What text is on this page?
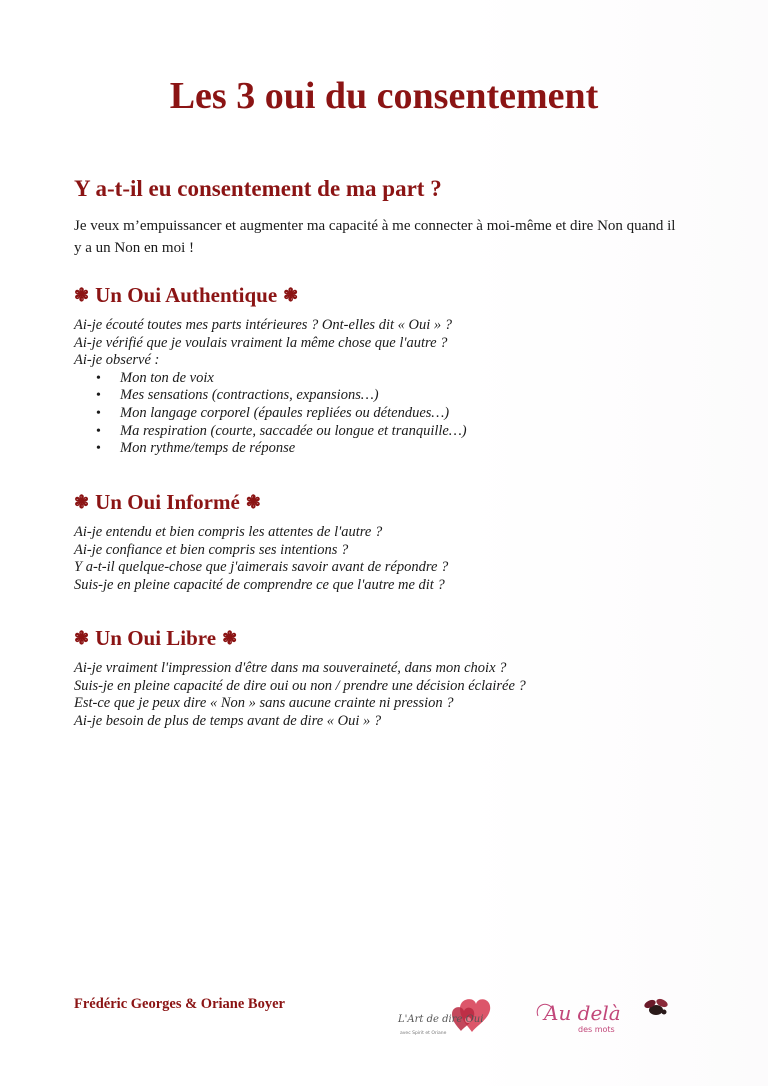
Les 3 oui du consentement
Y a-t-il eu consentement de ma part ?

Je veux m’empuissancer et augmenter ma capacité à me connecter à moi-même et dire Non quand il
y a un Non en moi !

❃ Un Oui Authentique ❃
Ai-je écouté toutes mes parts intérieures ? Ont-elles dit « Oui » ?
Ai-je vérifié que je voulais vraiment la même chose que l'autre ?
Ai-je observé :
• Mon ton de voix
• Mes sensations (contractions, expansions…)
• Mon langage corporel (épaules repliées ou détendues…)
• Ma respiration (courte, saccadée ou longue et tranquille…)
• Mon rythme/temps de réponse
❃ Un Oui Informé ❃
Ai-je entendu et bien compris les attentes de l'autre ?
Ai-je confiance et bien compris ses intentions ?
Y a-t-il quelque-chose que j'aimerais savoir avant de répondre ?
Suis-je en pleine capacité de comprendre ce que l'autre me dit ?
❃ Un Oui Libre ❃
Ai-je vraiment l'impression d'être dans ma souveraineté, dans mon choix ?
Suis-je en pleine capacité de dire oui ou non / prendre une décision éclairée ?
Est-ce que je peux dire « Non » sans aucune crainte ni pression ?
Ai-je besoin de plus de temps avant de dire « Oui » ?

Frédéric Georges & Oriane Boyer

L'Art de dire Oui
avec Spirit et Oriane
Au delà
des mots
